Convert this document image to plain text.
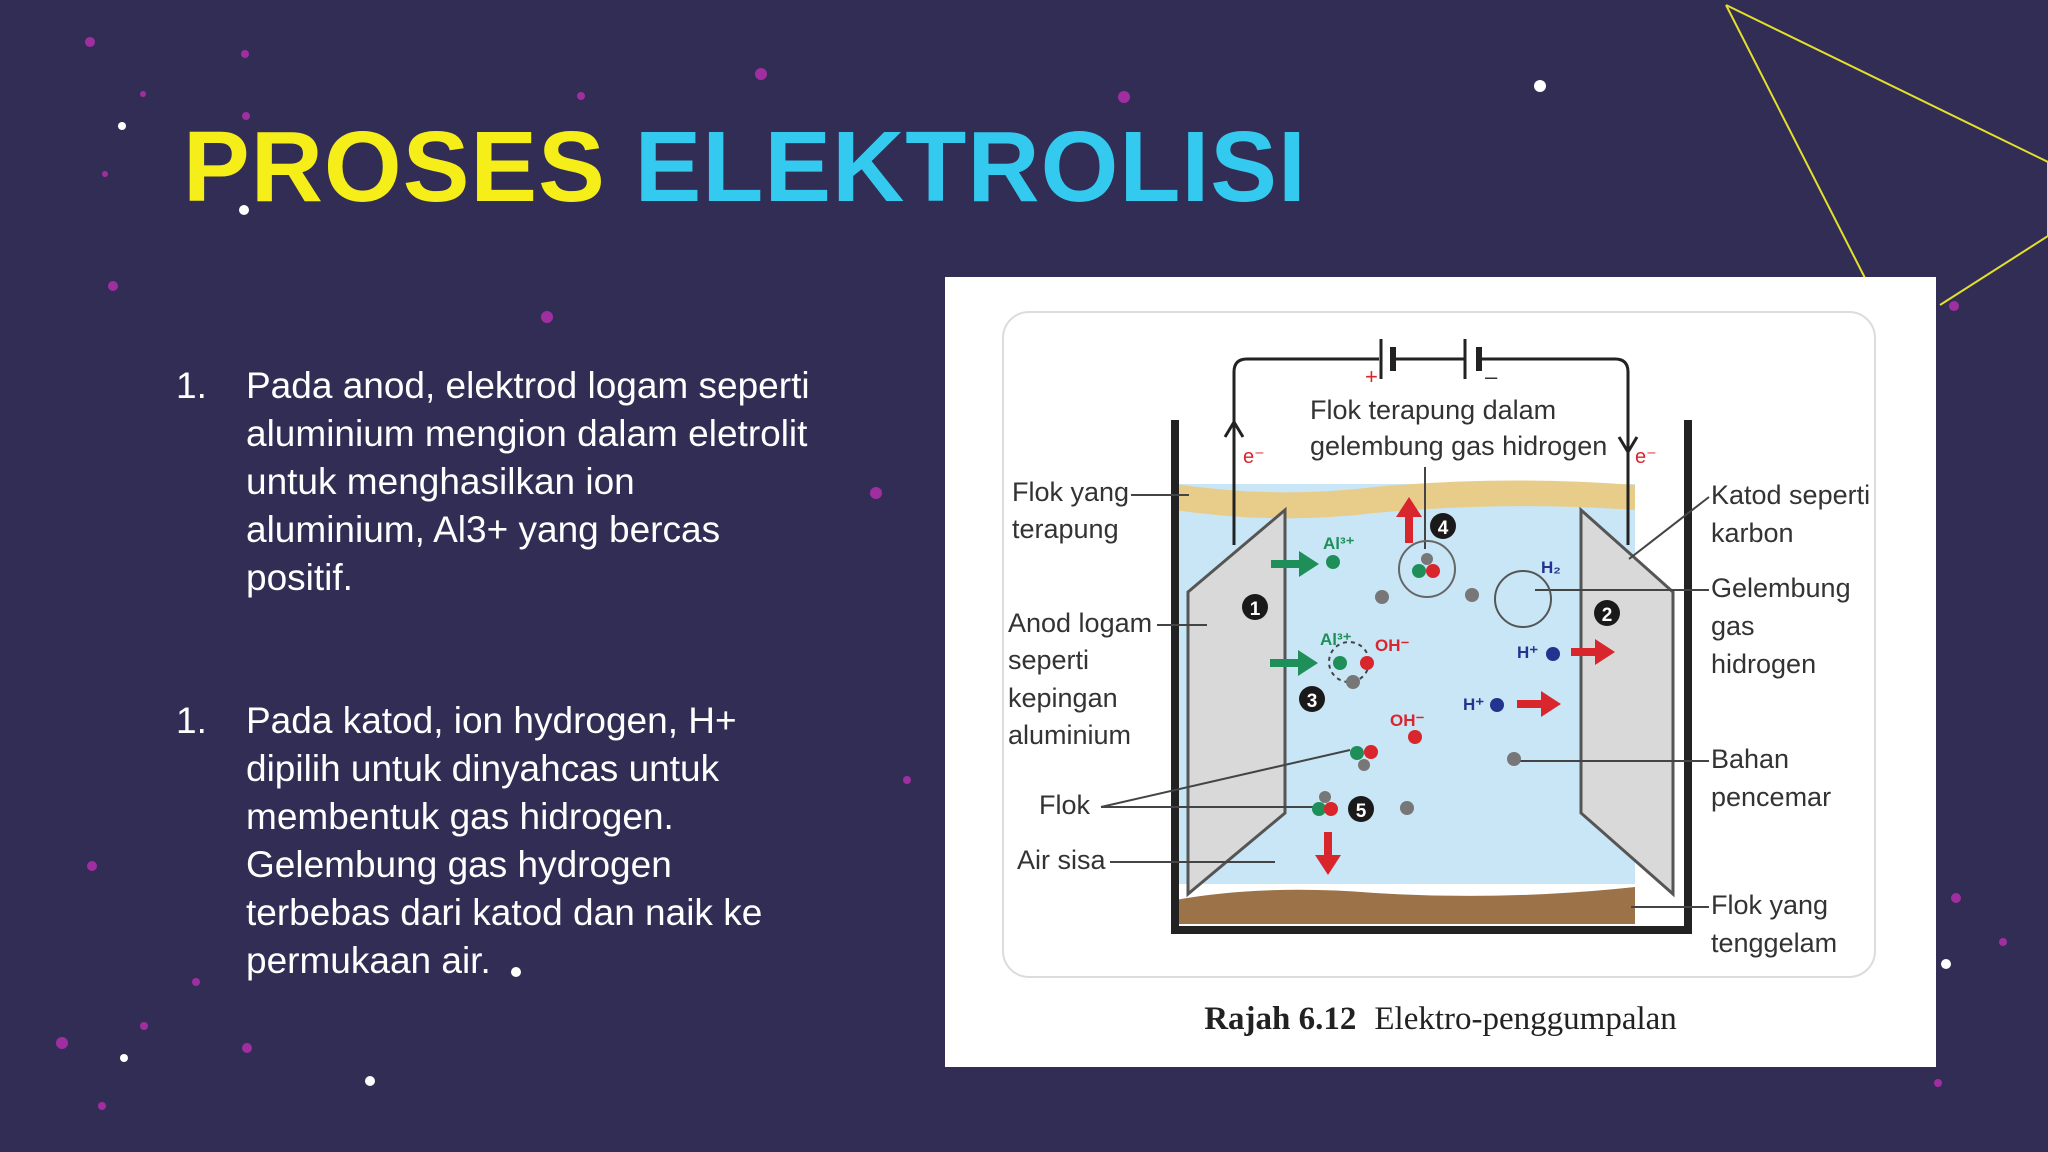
PROSES ELEKTROLISI
1. Pada anod, elektrod logam seperti aluminium mengion dalam eletrolit untuk menghasilkan ion aluminium, Al3+ yang bercas positif.
1. Pada katod, ion hydrogen, H+ dipilih untuk dinyahcas untuk membentuk gas hidrogen. Gelembung gas hydrogen terbebas dari katod dan naik ke permukaan air.
+	–
e⁻	e⁻
Flok terapung dalam
gelembung gas hidrogen
Flok yang
terapung
Anod logam
seperti
kepingan
aluminium
Flok
Air sisa
Katod seperti
karbon
Gelembung
gas
hidrogen
Bahan
pencemar
Flok yang
tenggelam
1	2
3
4
5
Al³⁺
Al³⁺ OH⁻
OH⁻
H₂
H⁺
H⁺
Rajah 6.12 Elektro-penggumpalan
